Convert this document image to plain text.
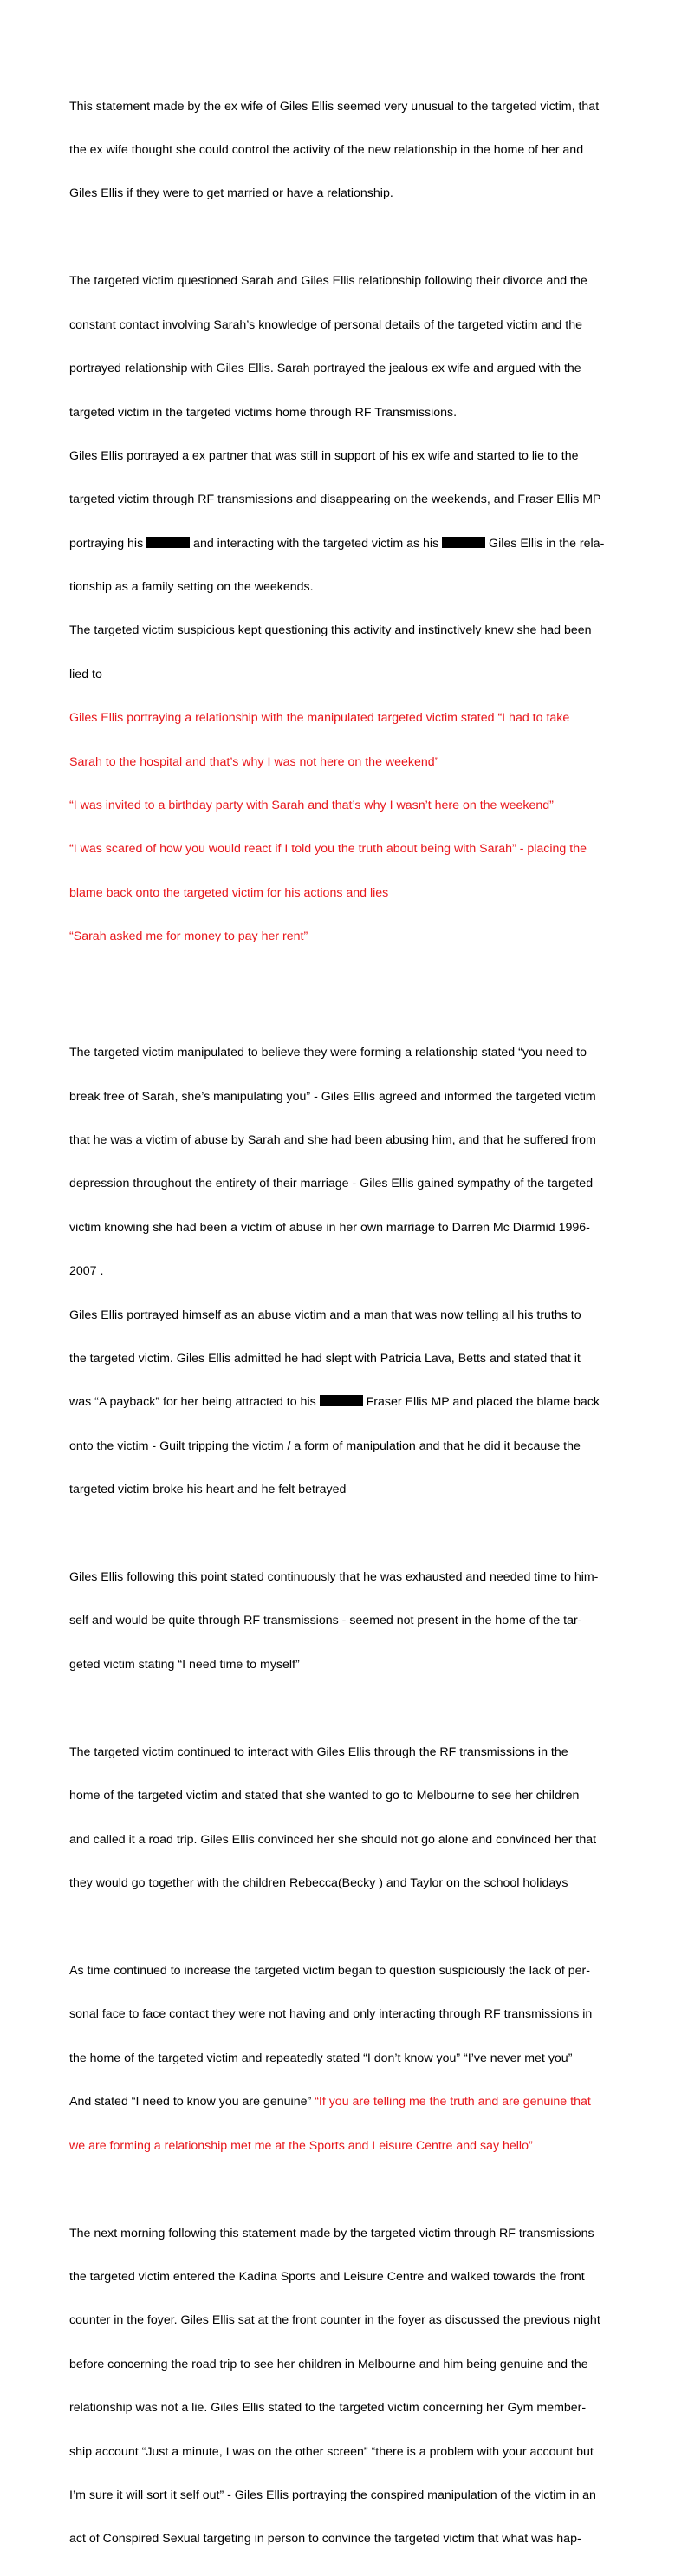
This statement made by the ex wife of Giles Ellis seemed very unusual to the targeted victim, that

the ex wife thought she could control the activity of the new relationship in the home of her and

Giles Ellis if they were to get married or have a relationship.

The targeted victim questioned Sarah and Giles Ellis relationship following their divorce and the

constant contact involving Sarah’s knowledge of personal details of the targeted victim and the

portrayed relationship with Giles Ellis. Sarah portrayed the jealous ex wife and argued with the

targeted victim in the targeted victims home through RF Transmissions.

Giles Ellis portrayed a ex partner that was still in support of his ex wife and started to lie to the

targeted victim through RF transmissions and disappearing on the weekends, and Fraser Ellis MP

portraying his	and interacting with the targeted victim as his	Giles Ellis in the rela-

tionship as a family setting on the weekends.

The targeted victim suspicious kept questioning this activity and instinctively knew she had been

lied to

Giles Ellis portraying a relationship with the manipulated targeted victim stated “I had to take

Sarah to the hospital and that’s why I was not here on the weekend”

“I was invited to a birthday party with Sarah and that’s why I wasn’t here on the weekend”

“I was scared of how you would react if I told you the truth about being with Sarah” - placing the

blame back onto the targeted victim for his actions and lies

“Sarah asked me for money to pay her rent”

The targeted victim manipulated to believe they were forming a relationship stated “you need to

break free of Sarah, she’s manipulating you” - Giles Ellis agreed and informed the targeted victim

that he was a victim of abuse by Sarah and she had been abusing him, and that he suffered from

depression throughout the entirety of their marriage - Giles Ellis gained sympathy of the targeted

victim knowing she had been a victim of abuse in her own marriage to Darren Mc Diarmid 1996-

2007 .

Giles Ellis portrayed himself as an abuse victim and a man that was now telling all his truths to

the targeted victim. Giles Ellis admitted he had slept with Patricia Lava, Betts and stated that it

was “A payback” for her being attracted to his	Fraser Ellis MP and placed the blame back

onto the victim - Guilt tripping the victim / a form of manipulation and that he did it because the

targeted victim broke his heart and he felt betrayed

Giles Ellis following this point stated continuously that he was exhausted and needed time to him-

self and would be quite through RF transmissions - seemed not present in the home of the tar-

geted victim stating “I need time to myself”

The targeted victim continued to interact with Giles Ellis through the RF transmissions in the

home of the targeted victim and stated that she wanted to go to Melbourne to see her children

and called it a road trip. Giles Ellis convinced her she should not go alone and convinced her that

they would go together with the children Rebecca(Becky ) and Taylor on the school holidays

As time continued to increase the targeted victim began to question suspiciously the lack of per-

sonal face to face contact they were not having and only interacting through RF transmissions in

the home of the targeted victim and repeatedly stated “I don’t know you” “I’ve never met you”

And stated “I need to know you are genuine” “If you are telling me the truth and are genuine that

we are forming a relationship met me at the Sports and Leisure Centre and say hello”

The next morning following this statement made by the targeted victim through RF transmissions

the targeted victim entered the Kadina Sports and Leisure Centre and walked towards the front

counter in the foyer. Giles Ellis sat at the front counter in the foyer as discussed the previous night

before concerning the road trip to see her children in Melbourne and him being genuine and the

relationship was not a lie. Giles Ellis stated to the targeted victim concerning her Gym member-

ship account “Just a minute, I was on the other screen” “there is a problem with your account but

I’m sure it will sort it self out” - Giles Ellis portraying the conspired manipulation of the victim in an

act of Conspired Sexual targeting in person to convince the targeted victim that what was hap-
